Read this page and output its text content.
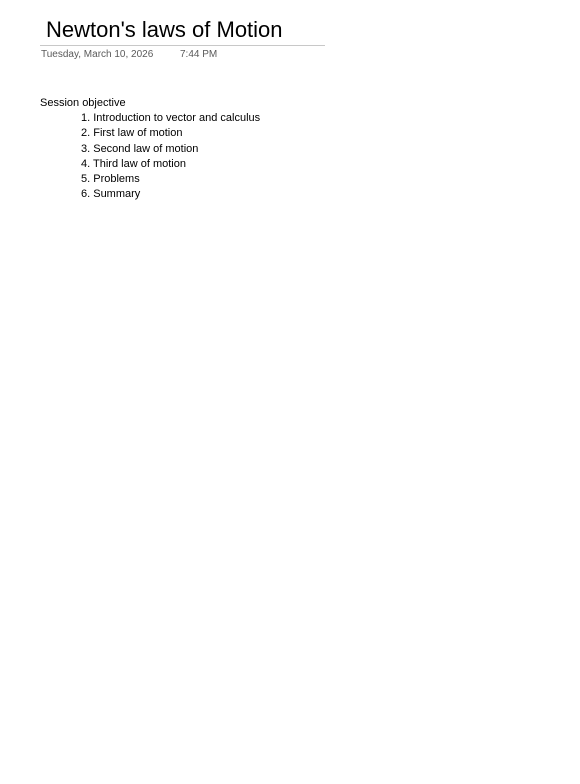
Newton's laws of Motion
Tuesday, March 10, 2026	7:44 PM
Session objective
1. Introduction to vector and calculus
2. First law of motion
3. Second law of motion
4. Third law of motion
5. Problems
6. Summary
